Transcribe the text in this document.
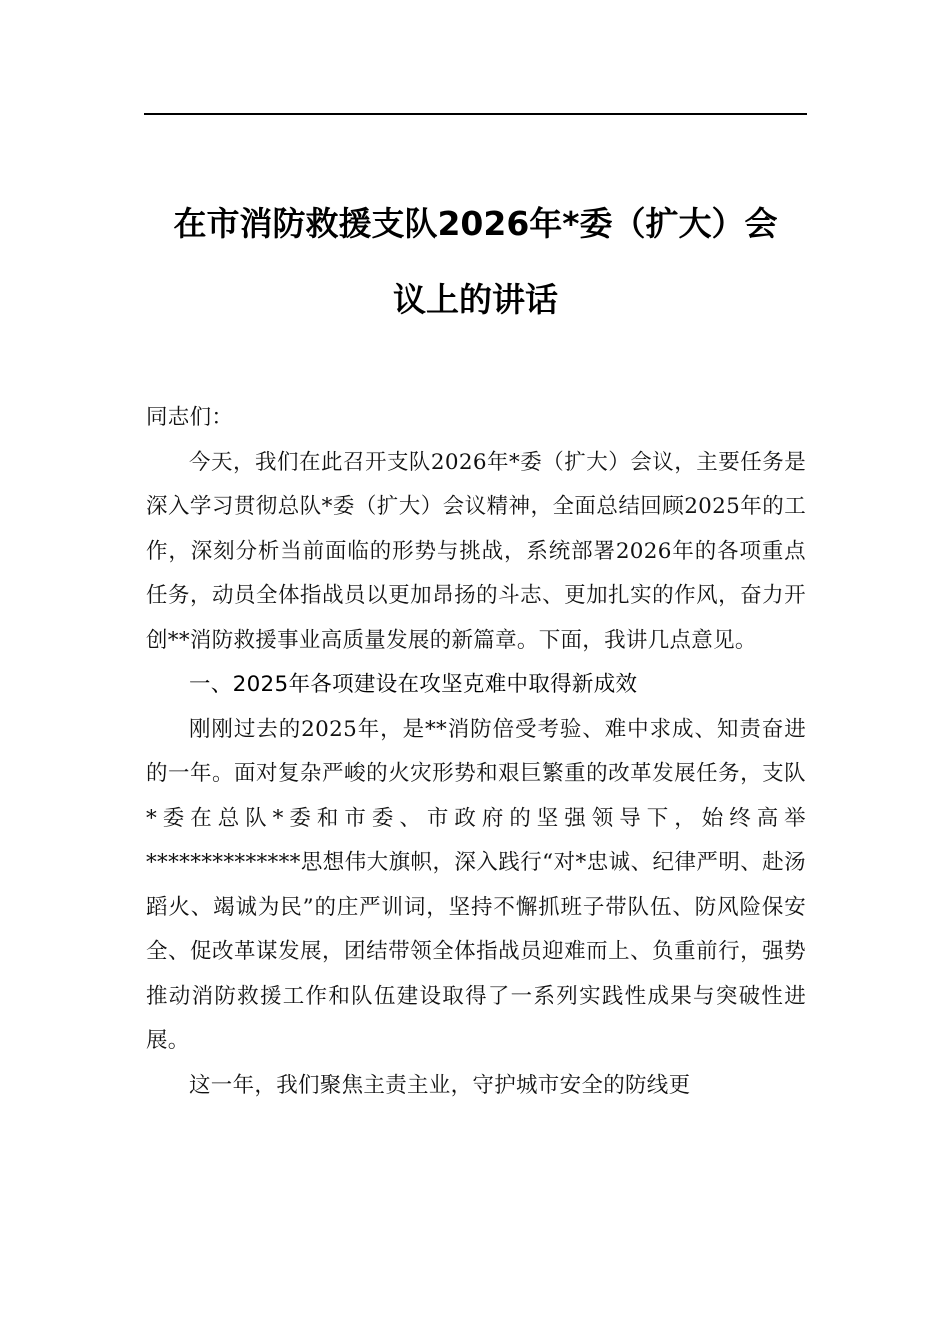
在市消防救援支队2026年*委（扩大）会
议上的讲话

同志们：

今天，我们在此召开支队2026年*委（扩大）会议，主要任务是深入学习贯彻总队*委（扩大）会议精神，全面总结回顾2025年的工作，深刻分析当前面临的形势与挑战，系统部署2026年的各项重点任务，动员全体指战员以更加昂扬的斗志、更加扎实的作风，奋力开创**消防救援事业高质量发展的新篇章。下面，我讲几点意见。

一、2025年各项建设在攻坚克难中取得新成效

刚刚过去的2025年，是**消防倍受考验、难中求成、知责奋进的一年。面对复杂严峻的火灾形势和艰巨繁重的改革发展任务，支队*委在总队*委和市委、市政府的坚强领导下，始终高举**************思想伟大旗帜，深入践行“对*忠诚、纪律严明、赴汤蹈火、竭诚为民”的庄严训词，坚持不懈抓班子带队伍、防风险保安全、促改革谋发展，团结带领全体指战员迎难而上、负重前行，强势推动消防救援工作和队伍建设取得了一系列实践性成果与突破性进展。

这一年，我们聚焦主责主业，守护城市安全的防线更
